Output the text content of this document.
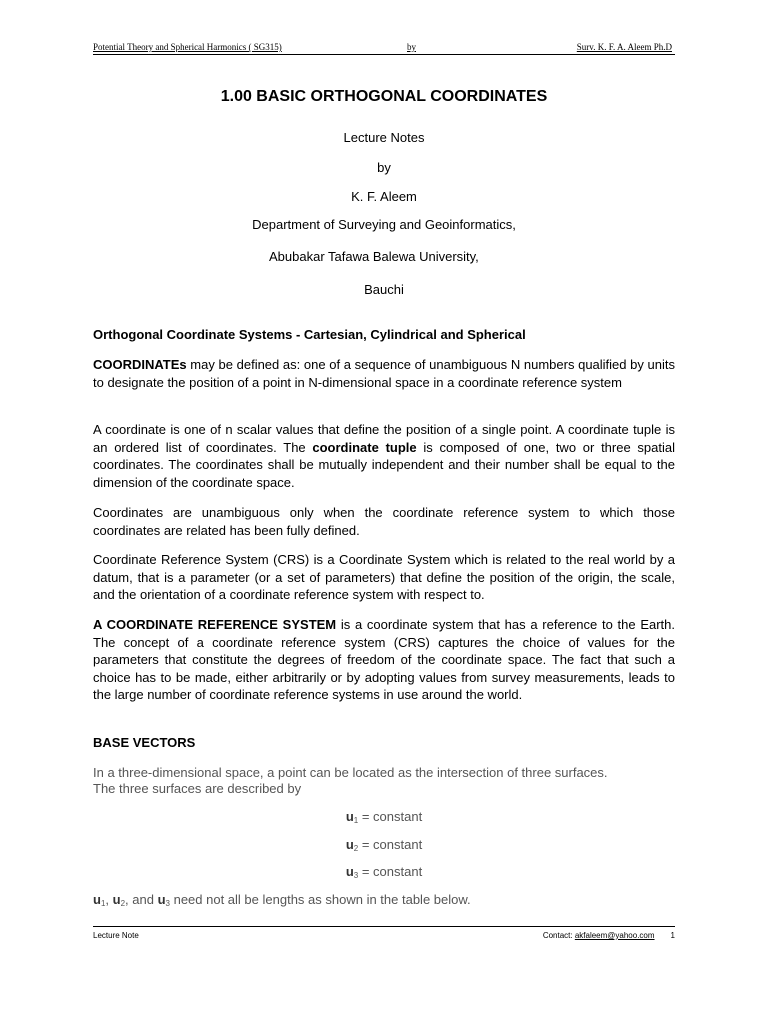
Potential Theory and Spherical Harmonics ( SG315)	by	Surv. K. F. A. Aleem Ph.D
1.00 BASIC ORTHOGONAL COORDINATES
Lecture Notes
by
K. F. Aleem
Department of Surveying and Geoinformatics,
Abubakar Tafawa Balewa University,
Bauchi
Orthogonal Coordinate Systems - Cartesian, Cylindrical and Spherical
COORDINATEs may be defined as: one of a sequence of unambiguous N numbers qualified by units to designate the position of a point in N-dimensional space in a coordinate reference system
A coordinate is one of n scalar values that define the position of a single point. A coordinate tuple is an ordered list of coordinates. The coordinate tuple is composed of one, two or three spatial coordinates. The coordinates shall be mutually independent and their number shall be equal to the dimension of the coordinate space.
Coordinates are unambiguous only when the coordinate reference system to which those coordinates are related has been fully defined.
Coordinate Reference System (CRS) is a Coordinate System which is related to the real world by a datum, that is a parameter (or a set of parameters) that define the position of the origin, the scale, and the orientation of a coordinate reference system with respect to.
A COORDINATE REFERENCE SYSTEM is a coordinate system that has a reference to the Earth. The concept of a coordinate reference system (CRS) captures the choice of values for the parameters that constitute the degrees of freedom of the coordinate space. The fact that such a choice has to be made, either arbitrarily or by adopting values from survey measurements, leads to the large number of coordinate reference systems in use around the world.
BASE VECTORS
In a three-dimensional space, a point can be located as the intersection of three surfaces.
The three surfaces are described by
$u_1$ = constant
$u_2$ = constant
$u_3$ = constant
$u_1$, $u_2$, and $u_3$ need not all be lengths as shown in the table below.
Lecture Note	Contact: akfaleem@yahoo.com 1
